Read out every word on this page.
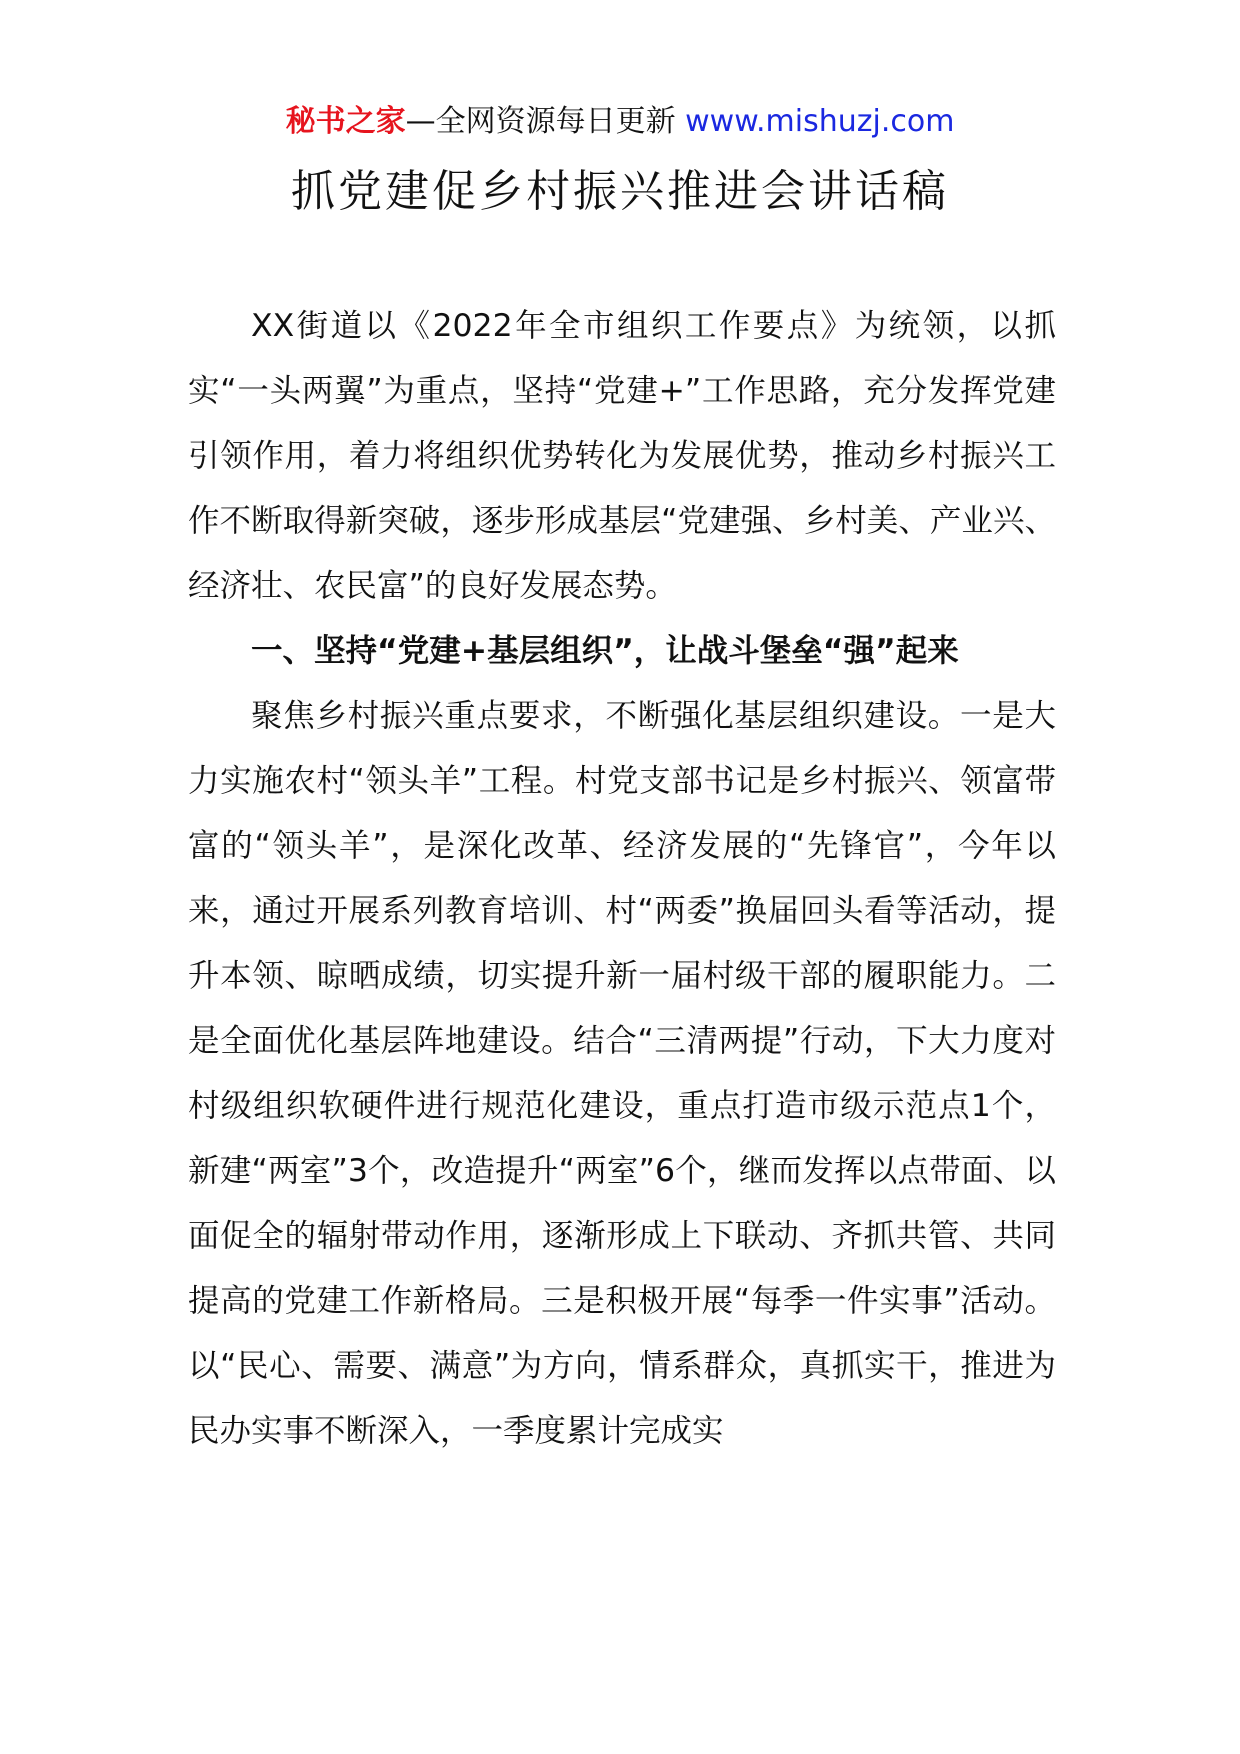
秘书之家—全网资源每日更新 www.mishuzj.com
抓党建促乡村振兴推进会讲话稿

XX街道以《2022年全市组织工作要点》为统领，以抓实“一头两翼”为重点，坚持“党建+”工作思路，充分发挥党建引领作用，着力将组织优势转化为发展优势，推动乡村振兴工作不断取得新突破，逐步形成基层“党建强、乡村美、产业兴、经济壮、农民富”的良好发展态势。

一、坚持“党建+基层组织”，让战斗堡垒“强”起来

聚焦乡村振兴重点要求，不断强化基层组织建设。一是大力实施农村“领头羊”工程。村党支部书记是乡村振兴、领富带富的“领头羊”，是深化改革、经济发展的“先锋官”，今年以来，通过开展系列教育培训、村“两委”换届回头看等活动，提升本领、晾晒成绩，切实提升新一届村级干部的履职能力。二是全面优化基层阵地建设。结合“三清两提”行动，下大力度对村级组织软硬件进行规范化建设，重点打造市级示范点1个，新建“两室”3个，改造提升“两室”6个，继而发挥以点带面、以面促全的辐射带动作用，逐渐形成上下联动、齐抓共管、共同提高的党建工作新格局。三是积极开展“每季一件实事”活动。以“民心、需要、满意”为方向，情系群众，真抓实干，推进为民办实事不断深入，一季度累计完成实
